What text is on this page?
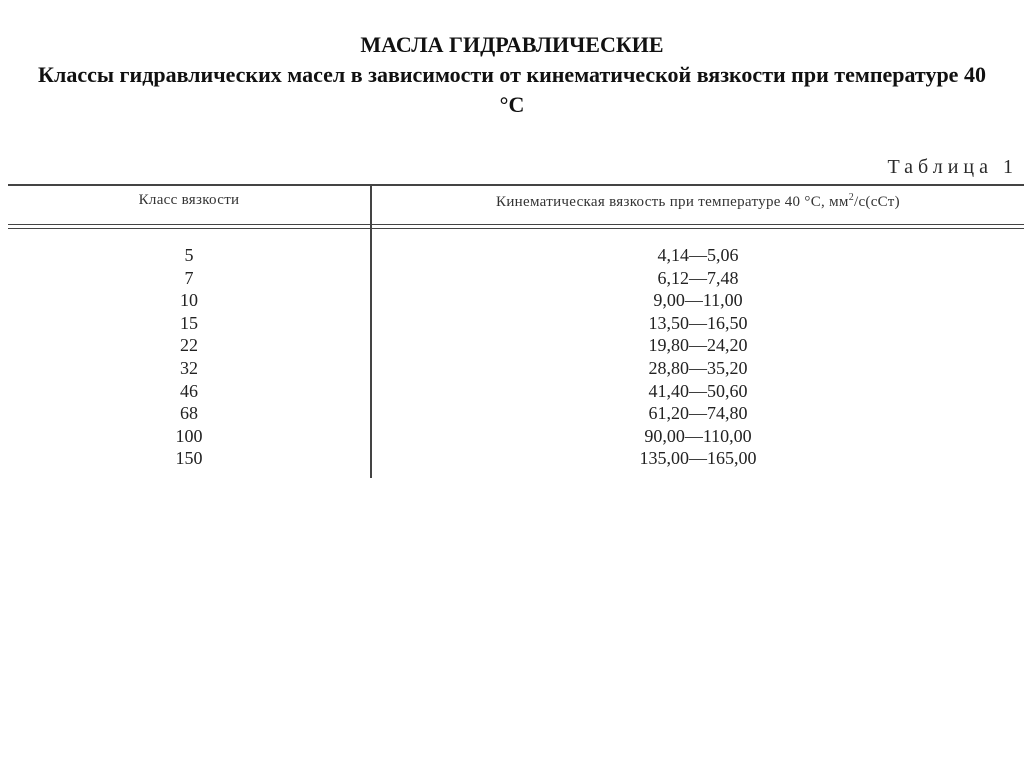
МАСЛА ГИДРАВЛИЧЕСКИЕ
Классы гидравлических масел в зависимости от кинематической вязкости при температуре 40 °С
Таблица 1
Класс вязкости	Кинематическая вязкость при температуре 40 °С, $мм^2/с(сСт)$
5	4,14—5,06
7	6,12—7,48
10	9,00—11,00
15	13,50—16,50
22	19,80—24,20
32	28,80—35,20
46	41,40—50,60
68	61,20—74,80
100	90,00—110,00
150	135,00—165,00
